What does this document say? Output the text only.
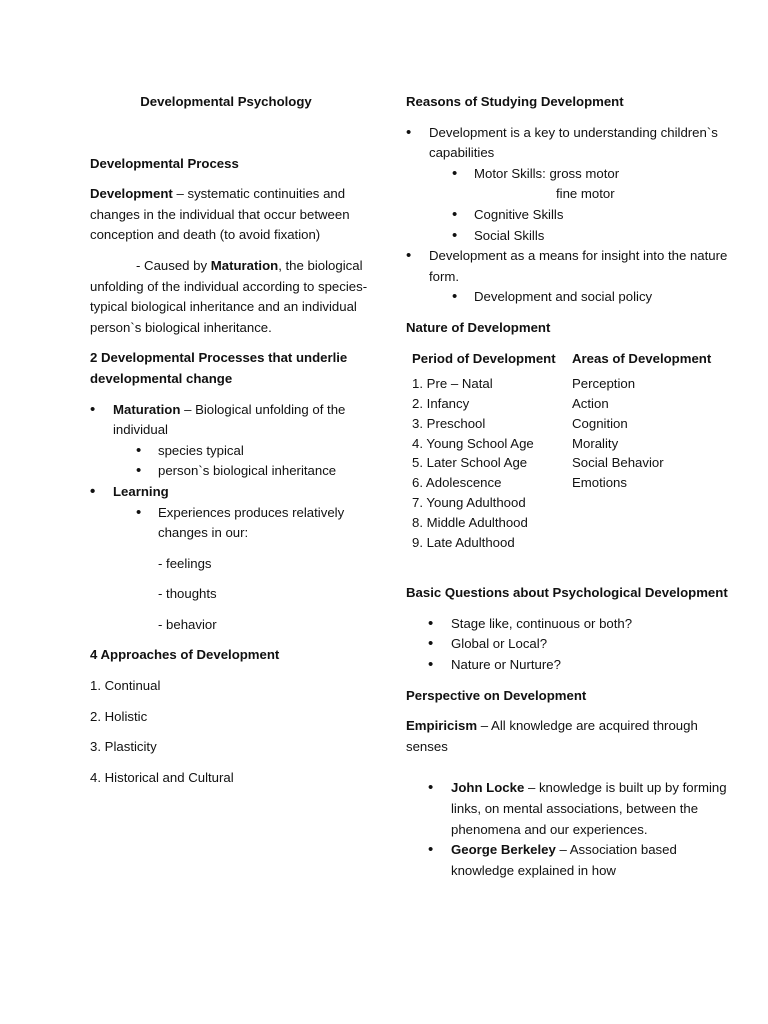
Developmental Psychology

Developmental Process

Development – systematic continuities and changes in the individual that occur between conception and death (to avoid fixation)

- Caused by Maturation, the biological unfolding of the individual according to species-typical biological inheritance and an individual person`s biological inheritance.

2 Developmental Processes that underlie developmental change

• Maturation – Biological unfolding of the individual

• species typical

• person`s biological inheritance

• Learning

• Experiences produces relatively changes in our:

- feelings

- thoughts

- behavior

4 Approaches of Development

1. Continual

2. Holistic

3. Plasticity

4. Historical and Cultural

Reasons of Studying Development

• Development is a key to understanding children`s capabilities

• Motor Skills: gross motor

fine motor

• Cognitive Skills

• Social Skills

• Development as a means for insight into the nature form.

• Development and social policy

Nature of Development

Period of Development

1. Pre – Natal

2. Infancy

3. Preschool

4. Young School Age

5. Later School Age

6. Adolescence

7. Young Adulthood

8. Middle Adulthood

9. Late Adulthood

Areas of Development

Perception

Action

Cognition

Morality

Social Behavior

Emotions

Basic Questions about Psychological Development

• Stage like, continuous or both?

• Global or Local?

• Nature or Nurture?

Perspective on Development

Empiricism – All knowledge are acquired through senses

• John Locke – knowledge is built up by forming links, on mental associations, between the phenomena and our experiences.

• George Berkeley – Association based knowledge explained in how
